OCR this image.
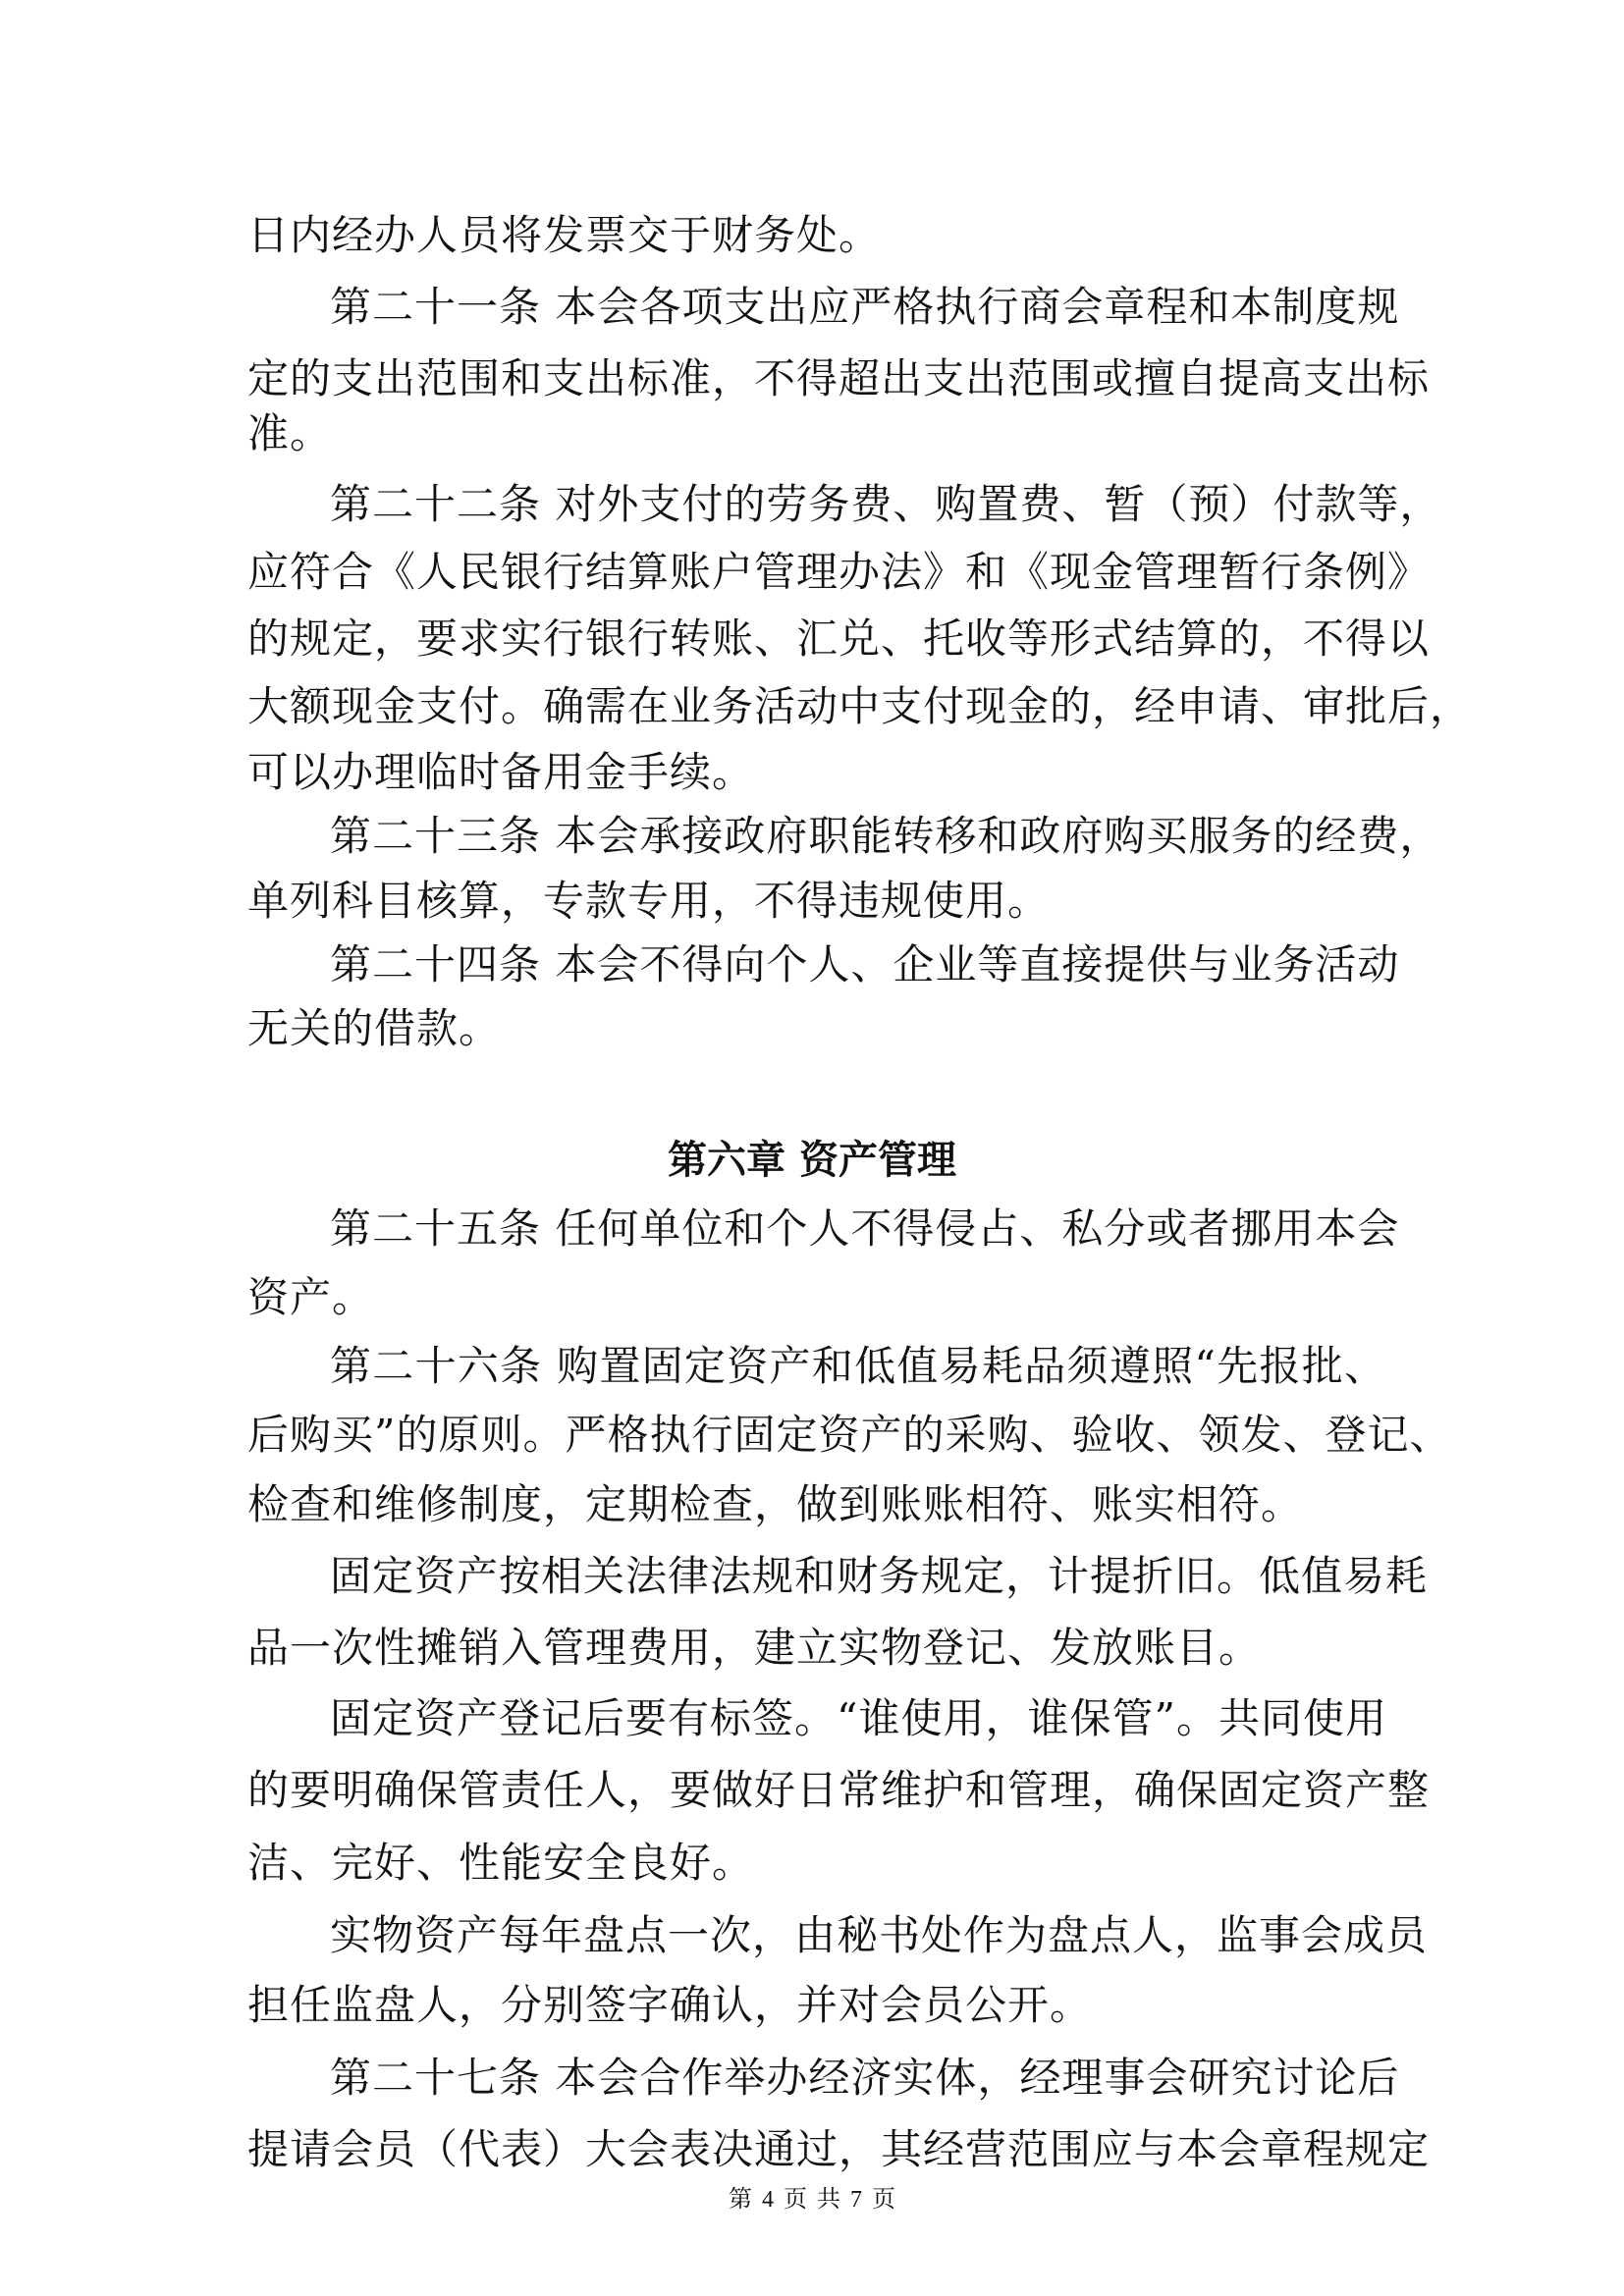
日内经办人员将发票交于财务处。
第二十一条 本会各项支出应严格执行商会章程和本制度规
定的支出范围和支出标准，不得超出支出范围或擅自提高支出标
准。
第二十二条 对外支付的劳务费、购置费、暂（预）付款等，
应符合《人民银行结算账户管理办法》和《现金管理暂行条例》
的规定，要求实行银行转账、汇兑、托收等形式结算的，不得以
大额现金支付。确需在业务活动中支付现金的，经申请、审批后，
可以办理临时备用金手续。
第二十三条 本会承接政府职能转移和政府购买服务的经费，
单列科目核算，专款专用，不得违规使用。
第二十四条 本会不得向个人、企业等直接提供与业务活动
无关的借款。
第六章 资产管理
第二十五条 任何单位和个人不得侵占、私分或者挪用本会
资产。
第二十六条 购置固定资产和低值易耗品须遵照“先报批、
后购买”的原则。严格执行固定资产的采购、验收、领发、登记、
检查和维修制度，定期检查，做到账账相符、账实相符。
固定资产按相关法律法规和财务规定，计提折旧。低值易耗
品一次性摊销入管理费用，建立实物登记、发放账目。
固定资产登记后要有标签。“谁使用，谁保管”。共同使用
的要明确保管责任人，要做好日常维护和管理，确保固定资产整
洁、完好、性能安全良好。
实物资产每年盘点一次，由秘书处作为盘点人，监事会成员
担任监盘人，分别签字确认，并对会员公开。
第二十七条 本会合作举办经济实体，经理事会研究讨论后
提请会员（代表）大会表决通过，其经营范围应与本会章程规定
第 4 页 共 7 页
